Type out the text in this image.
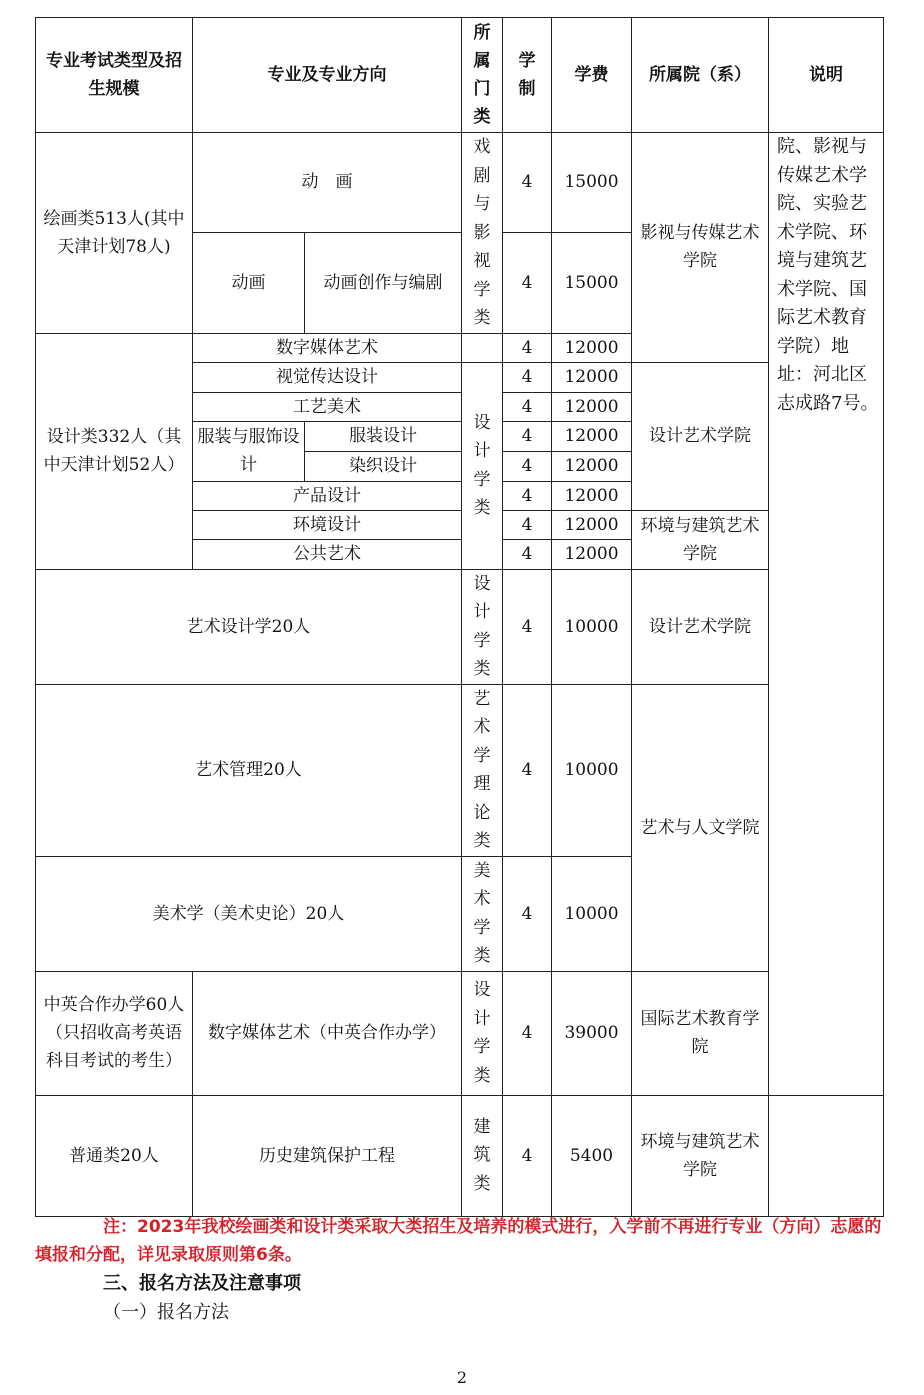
专业考试类型及招生规模	专业及专业方向		所属门类	学制	学费	所属院（系）	说明

绘画类513人(其中天津计划78人)	动　画		戏剧与影视学类	4	15000	影视与传媒艺术学院	院、影视与传媒艺术学院、实验艺术学院、环境与建筑艺术学院、国际艺术教育学院）地址：河北区志成路7号。

	动画	动画创作与编剧		4	15000		

设计类332人（其中天津计划52人）	数字媒体艺术			4	12000		
	视觉传达设计		设计学类	4	12000	设计艺术学院	
	工艺美术			4	12000		

	服装与服饰设计	服装设计		4	12000		
		染织设计		4	12000		
	产品设计			4	12000		
	环境设计			4	12000	环境与建筑艺术学院	

	公共艺术			4	12000		
艺术设计学20人			设计学类	4	10000	设计艺术学院	
艺术管理20人			艺术学理论类	4	10000	艺术与人文学院	

美术学（美术史论）20人			美术学类	4	10000		

中英合作办学60人（只招收高考英语科目考试的考生）	数字媒体艺术（中英合作办学）		设计学类	4	39000	国际艺术教育学院	

普通类20人	历史建筑保护工程		建筑类	4	5400	环境与建筑艺术学院	

注：2023年我校绘画类和设计类采取大类招生及培养的模式进行，入学前不再进行专业（方向）志愿的填报和分配，详见录取原则第6条。
三、报名方法及注意事项
（一）报名方法
2
